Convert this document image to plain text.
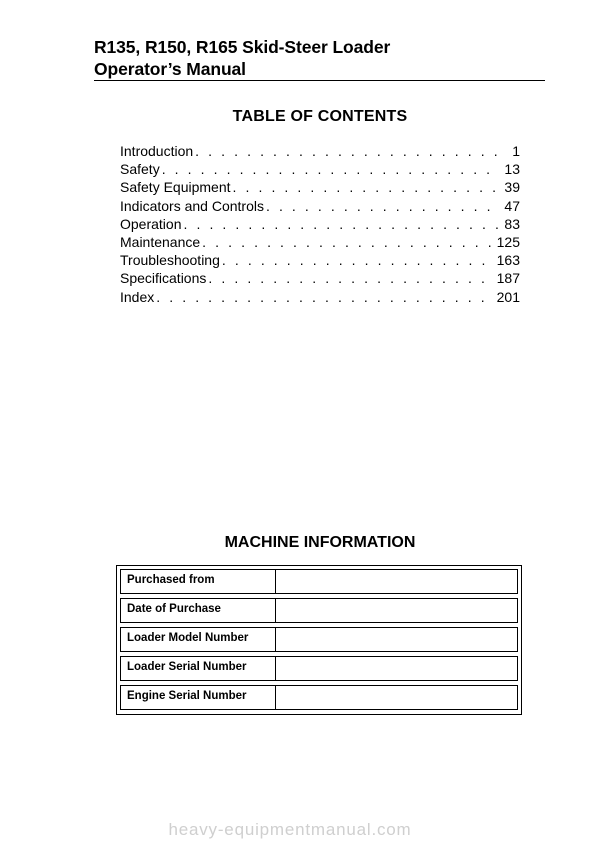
R135, R150, R165 Skid-Steer Loader
Operator’s Manual
TABLE OF CONTENTS
Introduction . . .	1
Safety . . .	13
Safety Equipment . . .	39
Indicators and Controls . . .	47
Operation . . .	83
Maintenance . . .	125
Troubleshooting . . .	163
Specifications . . .	187
Index . . .	201
MACHINE INFORMATION
Purchased from
Date of Purchase
Loader Model Number
Loader Serial Number
Engine Serial Number
heavy-equipmentmanual.com
